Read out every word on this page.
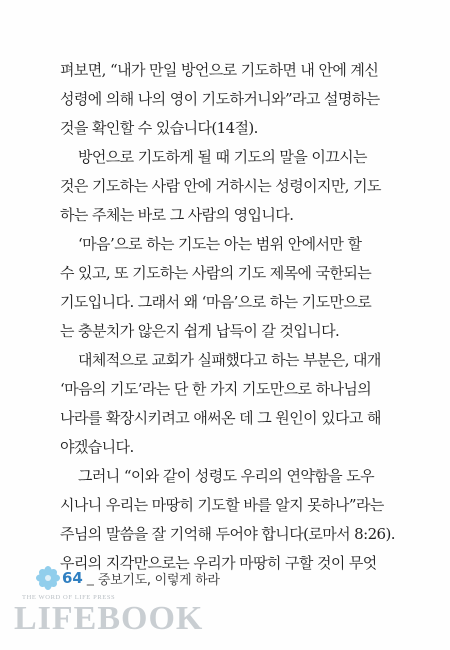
펴보면, “내가 만일 방언으로 기도하면 내 안에 계신
성령에 의해 나의 영이 기도하거니와”라고 설명하는
것을 확인할 수 있습니다(14절).
방언으로 기도하게 될 때 기도의 말을 이끄시는
것은 기도하는 사람 안에 거하시는 성령이지만, 기도
하는 주체는 바로 그 사람의 영입니다.
‘마음’으로 하는 기도는 아는 범위 안에서만 할
수 있고, 또 기도하는 사람의 기도 제목에 국한되는
기도입니다. 그래서 왜 ‘마음’으로 하는 기도만으로
는 충분치가 않은지 쉽게 납득이 갈 것입니다.
대체적으로 교회가 실패했다고 하는 부분은, 대개
‘마음의 기도’라는 단 한 가지 기도만으로 하나님의
나라를 확장시키려고 애써온 데 그 원인이 있다고 해
야겠습니다.
그러니 “이와 같이 성령도 우리의 연약함을 도우
시나니 우리는 마땅히 기도할 바를 알지 못하나”라는
주님의 말씀을 잘 기억해 두어야 합니다(로마서 8:26).
우리의 지각만으로는 우리가 마땅히 구할 것이 무엇
64 _ 중보기도, 이렇게 하라
THE WORD OF LIFE PRESS
LIFEBOOK
